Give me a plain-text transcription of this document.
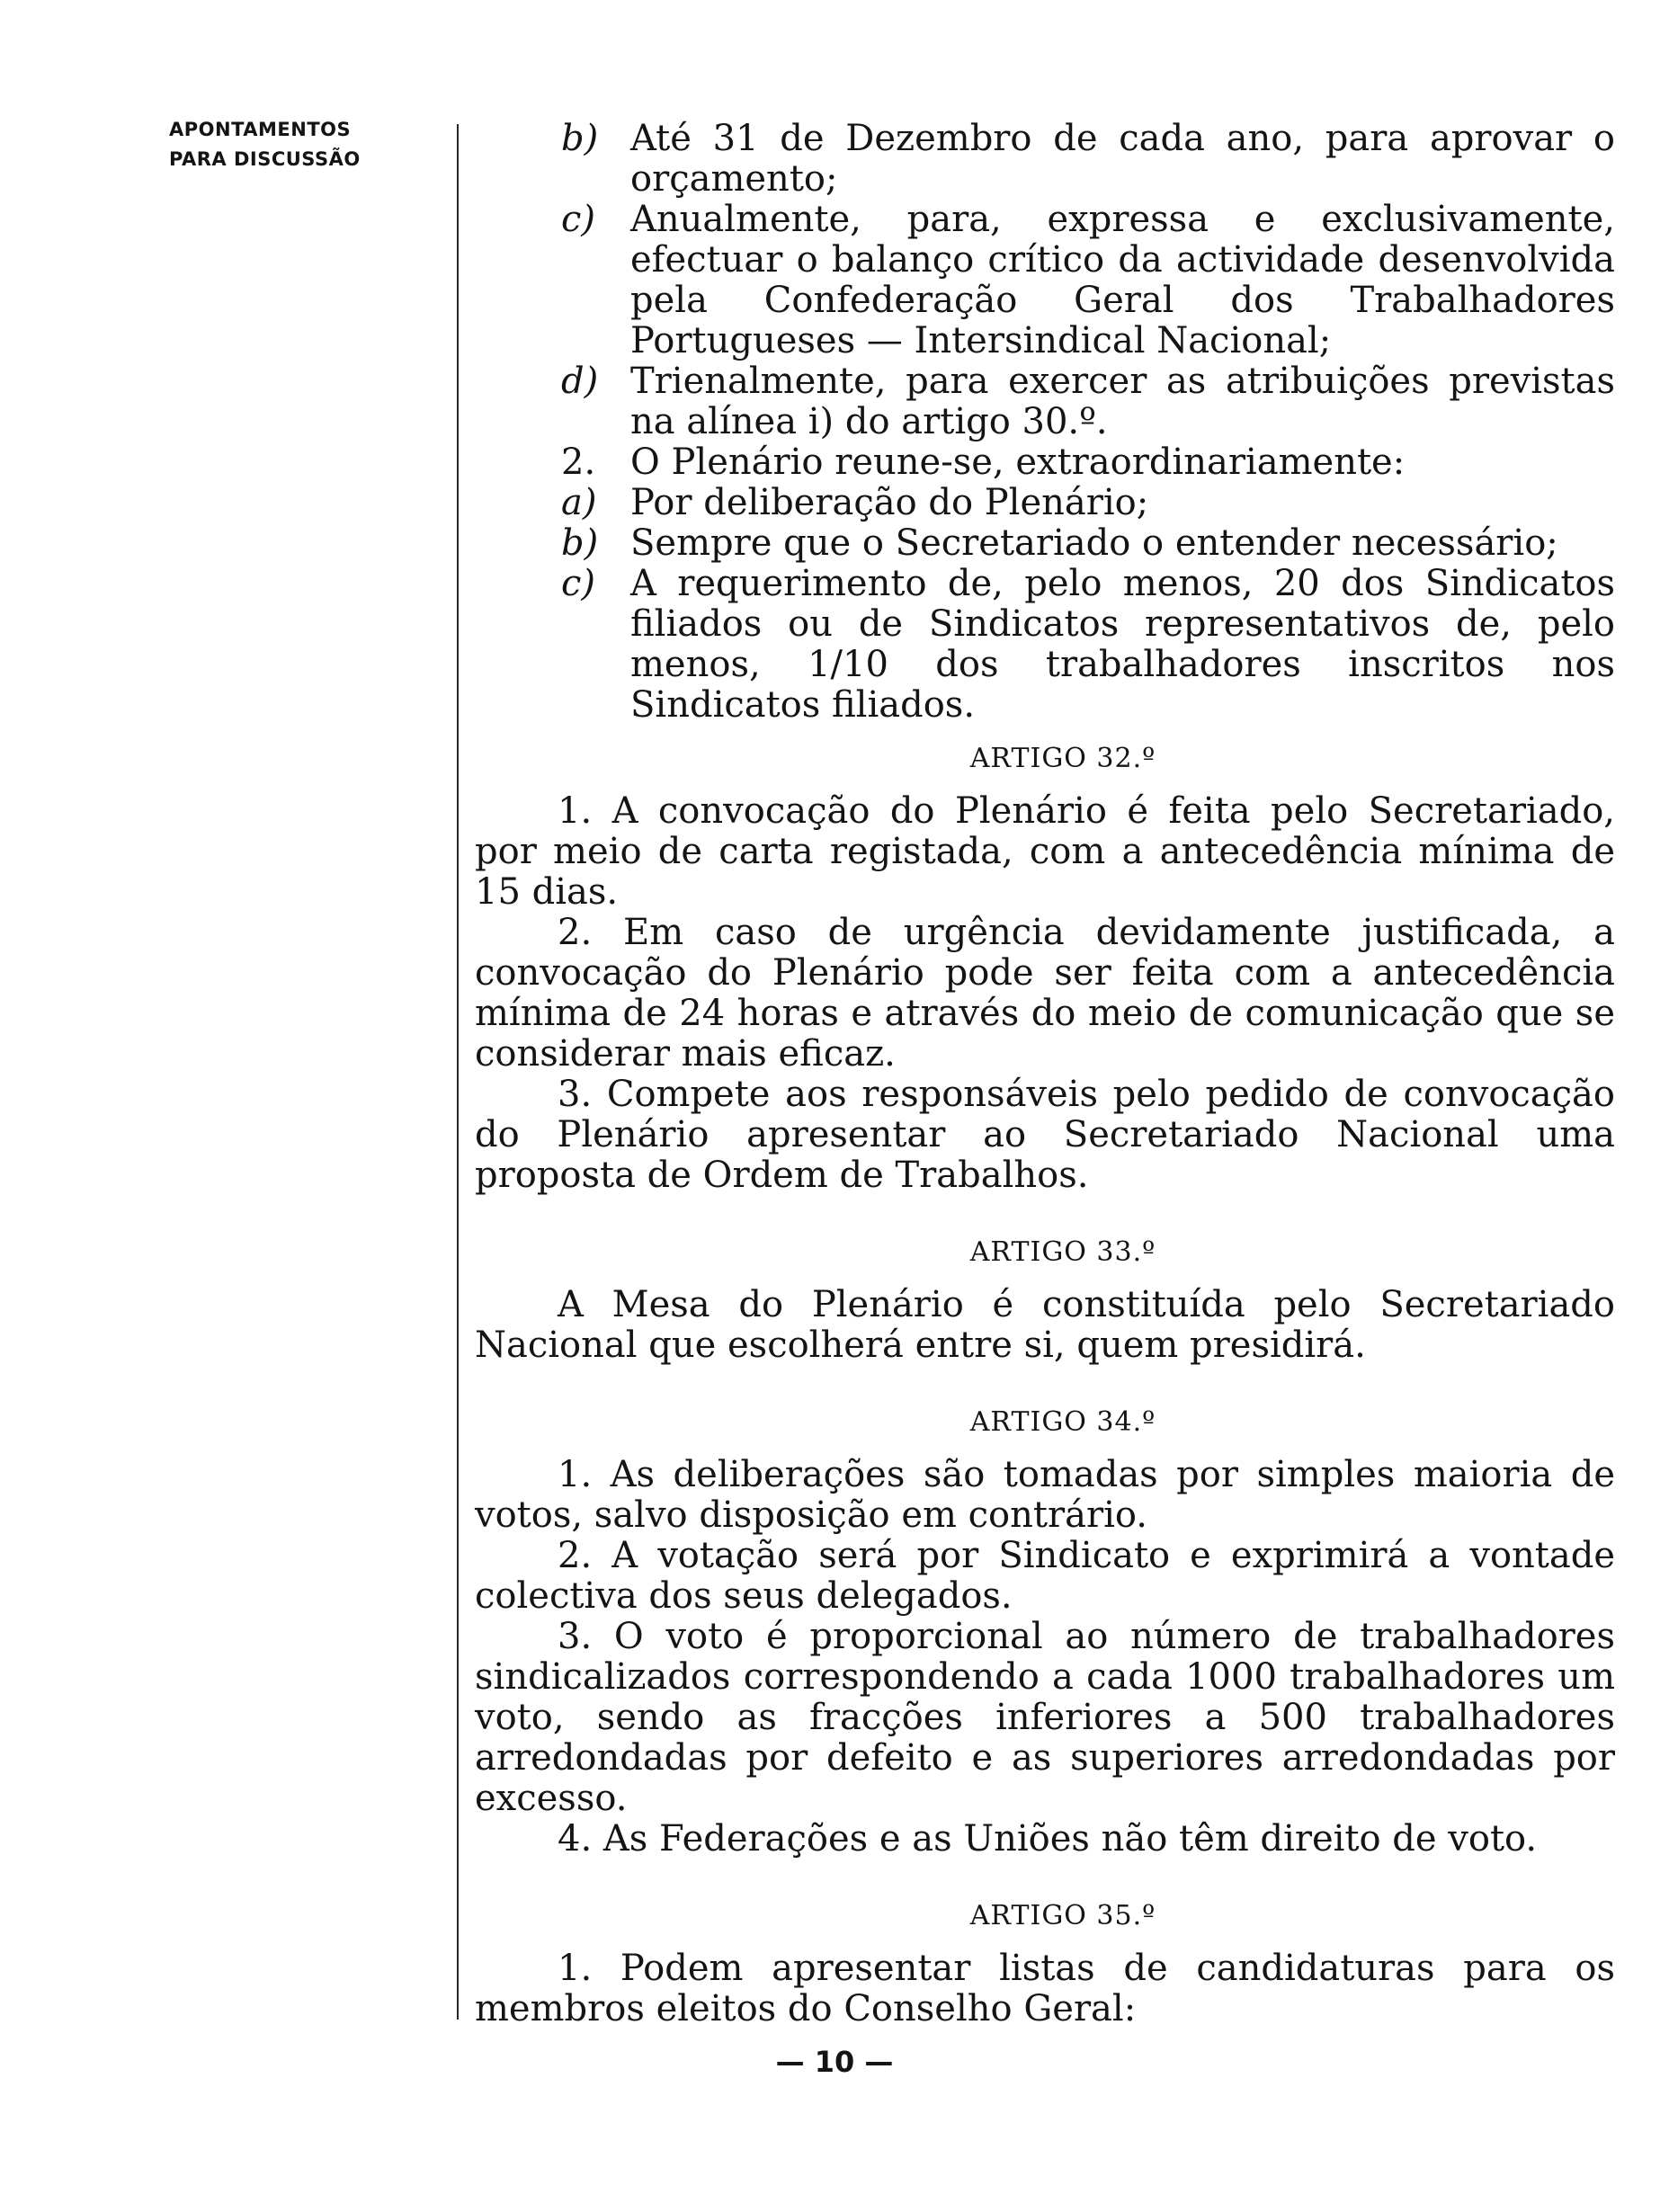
APONTAMENTOS
PARA DISCUSSÃO	b) Até 31 de Dezembro de cada ano, para aprovar o orçamento;
c) Anualmente, para, expressa e exclusivamente, efectuar o balanço crítico da actividade desenvolvida pela Confederação Geral dos Trabalhadores Portugueses — Intersindical Nacional;
d) Trienalmente, para exercer as atribuições previstas na alínea i) do artigo 30.º.
2. O Plenário reune-se, extraordinariamente:
a) Por deliberação do Plenário;
b) Sempre que o Secretariado o entender necessário;
c) A requerimento de, pelo menos, 20 dos Sindicatos filiados ou de Sindicatos representativos de, pelo menos, 1/10 dos trabalhadores inscritos nos Sindicatos filiados.
ARTIGO 32.º
1. A convocação do Plenário é feita pelo Secretariado, por meio de carta registada, com a antecedência mínima de 15 dias.
2. Em caso de urgência devidamente justificada, a convocação do Plenário pode ser feita com a antecedência mínima de 24 horas e através do meio de comunicação que se considerar mais eficaz.
3. Compete aos responsáveis pelo pedido de convocação do Plenário apresentar ao Secretariado Nacional uma proposta de Ordem de Trabalhos.
ARTIGO 33.º
A Mesa do Plenário é constituída pelo Secretariado Nacional que escolherá entre si, quem presidirá.
ARTIGO 34.º
1. As deliberações são tomadas por simples maioria de votos, salvo disposição em contrário.
2. A votação será por Sindicato e exprimirá a vontade colectiva dos seus delegados.
3. O voto é proporcional ao número de trabalhadores sindicalizados correspondendo a cada 1000 trabalhadores um voto, sendo as fracções inferiores a 500 trabalhadores arredondadas por defeito e as superiores arredondadas por excesso.
4. As Federações e as Uniões não têm direito de voto.
ARTIGO 35.º
1. Podem apresentar listas de candidaturas para os membros eleitos do Conselho Geral:
— 10 —
